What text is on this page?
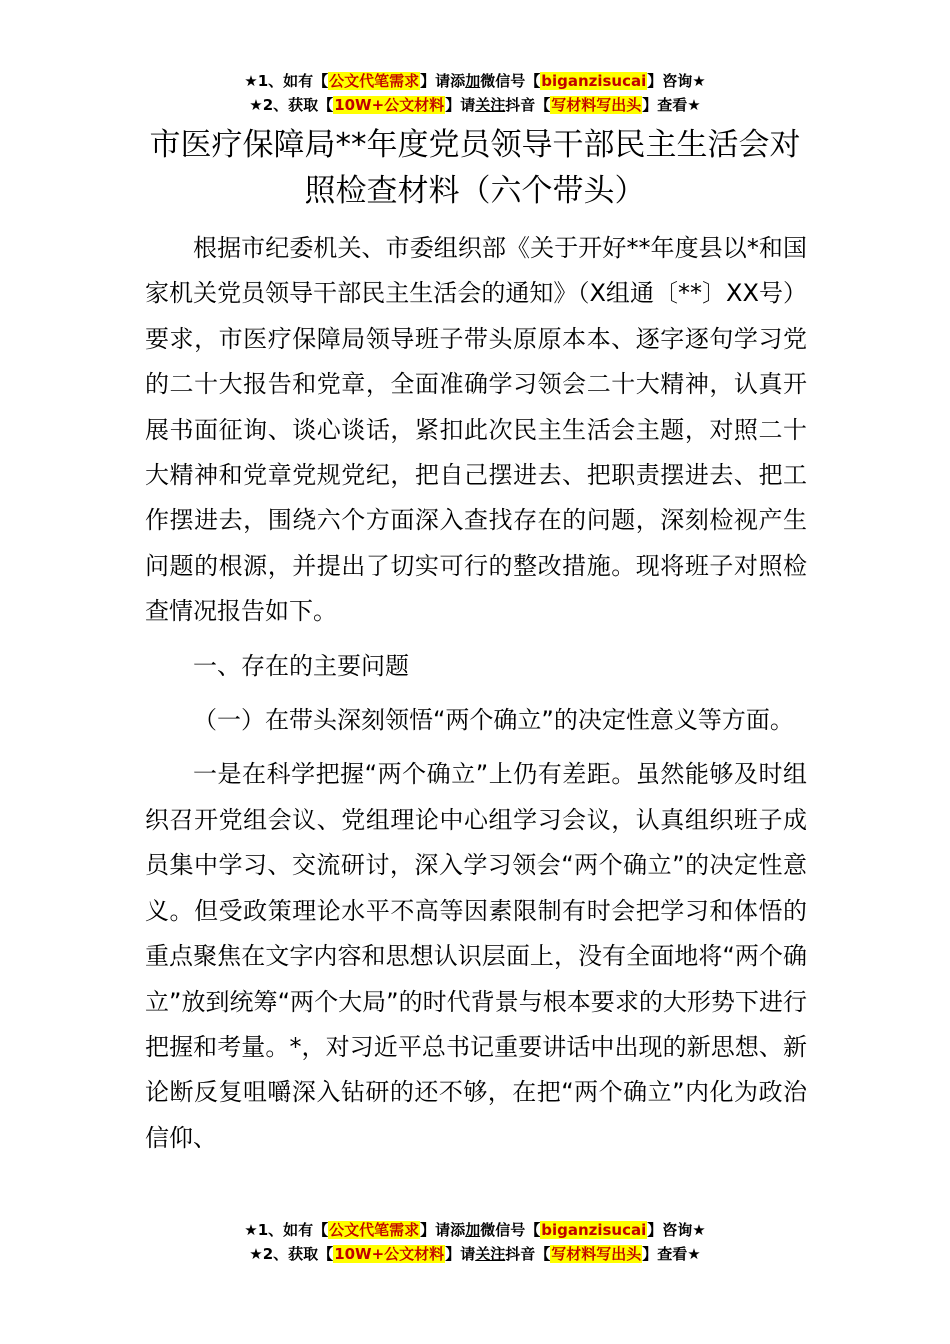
★1、如有【公文代笔需求】请添加微信号【biganzisucai】咨询★
★2、获取【10W+公文材料】请关注抖音【写材料写出头】查看★
市医疗保障局**年度党员领导干部民主生活会对照检查材料（六个带头）

根据市纪委机关、市委组织部《关于开好**年度县以*和国家机关党员领导干部民主生活会的通知》（X组通〔**〕XX号）要求，市医疗保障局领导班子带头原原本本、逐字逐句学习党的二十大报告和党章，全面准确学习领会二十大精神，认真开展书面征询、谈心谈话，紧扣此次民主生活会主题，对照二十大精神和党章党规党纪，把自己摆进去、把职责摆进去、把工作摆进去，围绕六个方面深入查找存在的问题，深刻检视产生问题的根源，并提出了切实可行的整改措施。现将班子对照检查情况报告如下。

一、存在的主要问题

（一）在带头深刻领悟“两个确立”的决定性意义等方面。

一是在科学把握“两个确立”上仍有差距。虽然能够及时组织召开党组会议、党组理论中心组学习会议，认真组织班子成员集中学习、交流研讨，深入学习领会“两个确立”的决定性意义。但受政策理论水平不高等因素限制有时会把学习和体悟的重点聚焦在文字内容和思想认识层面上，没有全面地将“两个确立”放到统筹“两个大局”的时代背景与根本要求的大形势下进行把握和考量。*，对习近平总书记重要讲话中出现的新思想、新论断反复咀嚼深入钻研的还不够，在把“两个确立”内化为政治信仰、

★1、如有【公文代笔需求】请添加微信号【biganzisucai】咨询★
★2、获取【10W+公文材料】请关注抖音【写材料写出头】查看★
